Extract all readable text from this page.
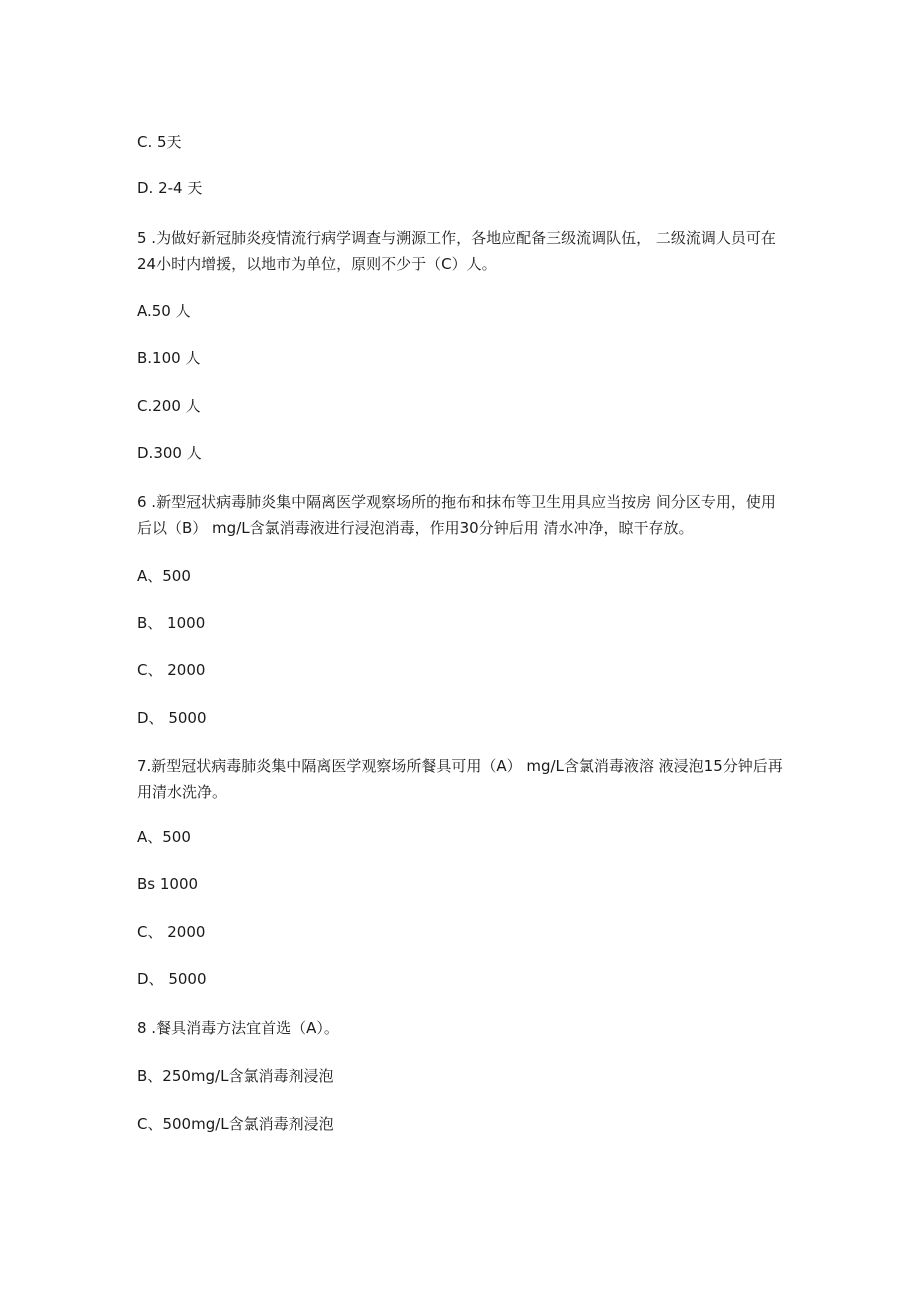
C. 5天
D. 2-4 天
5 .为做好新冠肺炎疫情流行病学调查与溯源工作，各地应配备三级流调队伍， 二级流调人员可在24小时内增援，以地市为单位，原则不少于（C）人。
A.50 人
B.100 人
C.200 人
D.300 人
6 .新型冠状病毒肺炎集中隔离医学观察场所的拖布和抹布等卫生用具应当按房 间分区专用，使用后以（B） mg/L含氯消毒液进行浸泡消毒，作用30分钟后用 清水冲净，晾干存放。
A、500
B、 1000
C、 2000
D、 5000
7.新型冠状病毒肺炎集中隔离医学观察场所餐具可用（A） mg/L含氯消毒液溶 液浸泡15分钟后再用清水洗净。
A、500
Bs 1000
C、 2000
D、 5000
8 .餐具消毒方法宜首选（A）。
B、250mg/L含氯消毒剂浸泡
C、500mg/L含氯消毒剂浸泡
